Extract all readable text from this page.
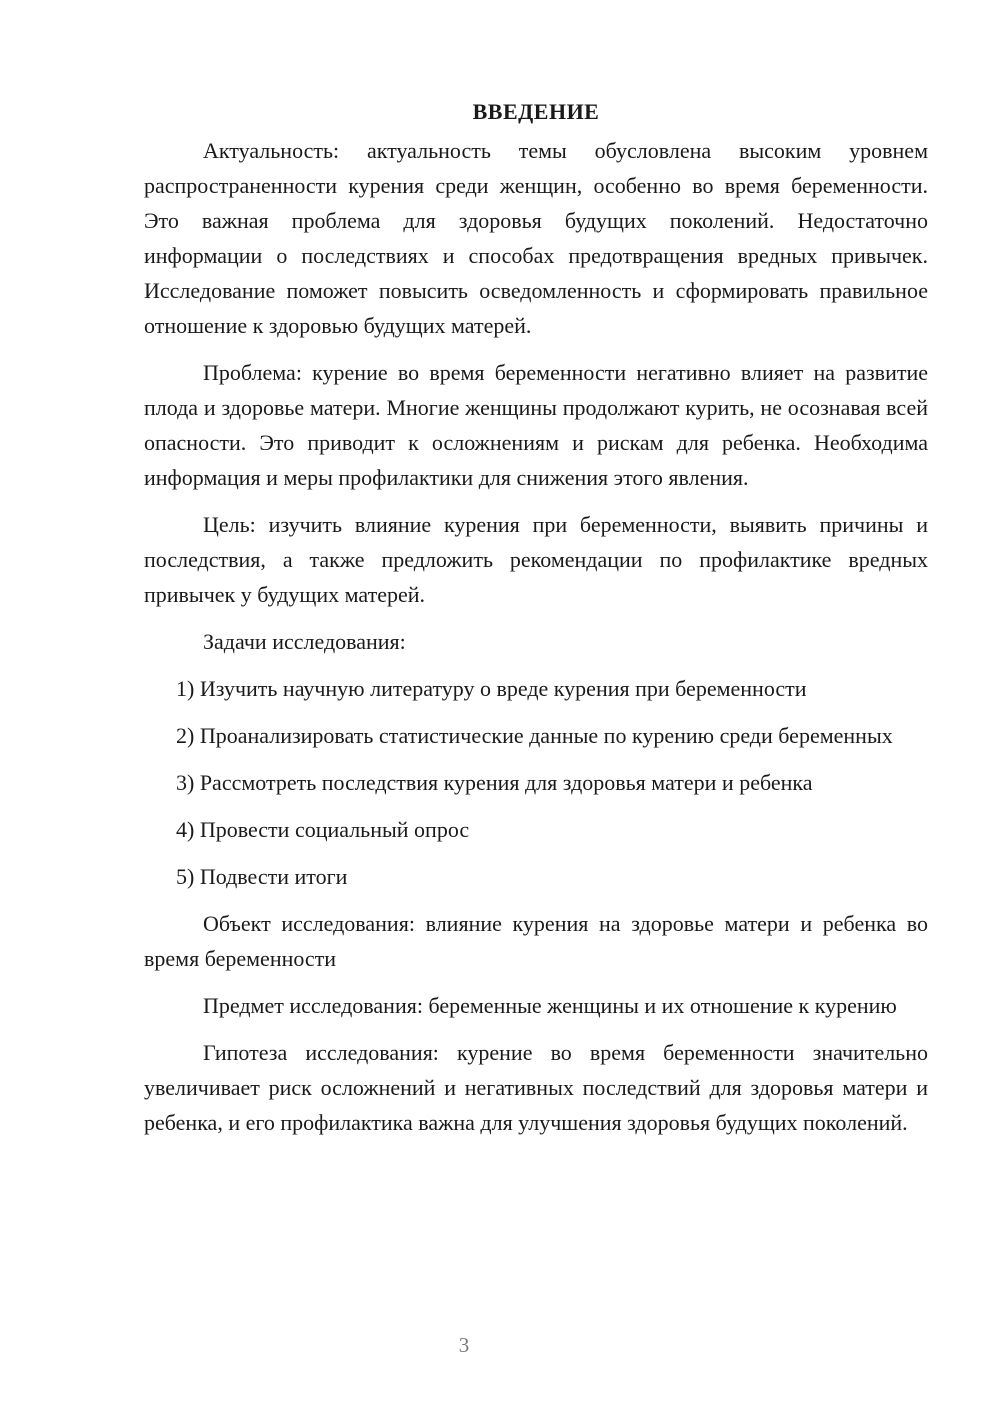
ВВЕДЕНИЕ

Актуальность: актуальность темы обусловлена высоким уровнем распространенности курения среди женщин, особенно во время беременности. Это важная проблема для здоровья будущих поколений. Недостаточно информации о последствиях и способах предотвращения вредных привычек. Исследование поможет повысить осведомленность и сформировать правильное отношение к здоровью будущих матерей.

Проблема: курение во время беременности негативно влияет на развитие плода и здоровье матери. Многие женщины продолжают курить, не осознавая всей опасности. Это приводит к осложнениям и рискам для ребенка. Необходима информация и меры профилактики для снижения этого явления.

Цель: изучить влияние курения при беременности, выявить причины и последствия, а также предложить рекомендации по профилактике вредных привычек у будущих матерей.

Задачи исследования:

1) Изучить научную литературу о вреде курения при беременности

2) Проанализировать статистические данные по курению среди беременных

3) Рассмотреть последствия курения для здоровья матери и ребенка

4) Провести социальный опрос

5) Подвести итоги

Объект исследования: влияние курения на здоровье матери и ребенка во время беременности

Предмет исследования: беременные женщины и их отношение к курению

Гипотеза исследования: курение во время беременности значительно увеличивает риск осложнений и негативных последствий для здоровья матери и ребенка, и его профилактика важна для улучшения здоровья будущих поколений.

3
